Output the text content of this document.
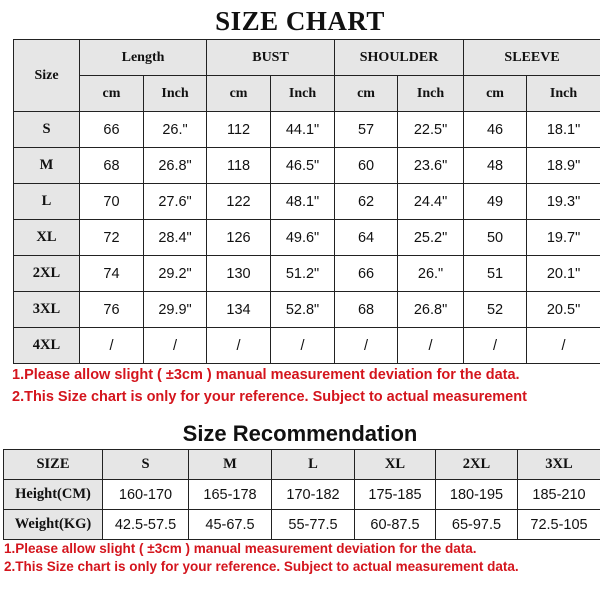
SIZE CHART
Size	Length		BUST		SHOULDER		SLEEVE	
	cm	Inch	cm	Inch	cm	Inch	cm	Inch
S	66	26."	112	44.1"	57	22.5"	46	18.1"
M	68	26.8"	118	46.5"	60	23.6"	48	18.9"
L	70	27.6"	122	48.1"	62	24.4"	49	19.3"
XL	72	28.4"	126	49.6"	64	25.2"	50	19.7"
2XL	74	29.2"	130	51.2"	66	26."	51	20.1"
3XL	76	29.9"	134	52.8"	68	26.8"	52	20.5"
4XL	/	/	/	/	/	/	/	/
1.Please allow slight ( ±3cm ) manual measurement deviation for the data.
2.This Size chart is only for your reference. Subject to actual measurement
Size Recommendation
SIZE	S	M	L	XL	2XL	3XL
Height(CM)	160-170	165-178	170-182	175-185	180-195	185-210
Weight(KG)	42.5-57.5	45-67.5	55-77.5	60-87.5	65-97.5	72.5-105
1.Please allow slight ( ±3cm ) manual measurement deviation for the data.
2.This Size chart is only for your reference. Subject to actual measurement data.
